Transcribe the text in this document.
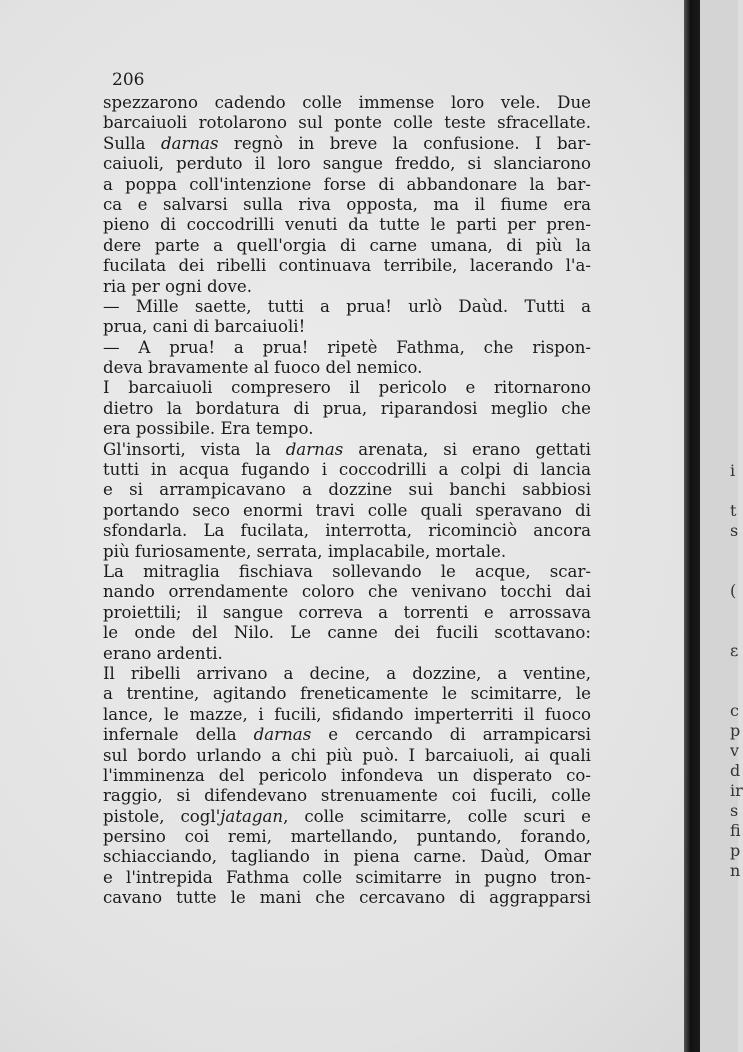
206
spezzarono cadendo colle immense loro vele. Due
barcaiuoli rotolarono sul ponte colle teste sfracellate.
Sulla darnas regnò in breve la confusione. I bar-
caiuoli, perduto il loro sangue freddo, si slanciarono
a poppa coll'intenzione forse di abbandonare la bar-
ca e salvarsi sulla riva opposta, ma il fiume era
pieno di coccodrilli venuti da tutte le parti per pren-
dere parte a quell'orgia di carne umana, di più la
fucilata dei ribelli continuava terribile, lacerando l'a-
ria per ogni dove.
— Mille saette, tutti a prua! urlò Daùd. Tutti a
prua, cani di barcaiuoli!
— A prua! a prua! ripetè Fathma, che rispon-
deva bravamente al fuoco del nemico.
I barcaiuoli compresero il pericolo e ritornarono
dietro la bordatura di prua, riparandosi meglio che
era possibile. Era tempo.
Gl'insorti, vista la darnas arenata, si erano gettati
tutti in acqua fugando i coccodrilli a colpi di lancia
e si arrampicavano a dozzine sui banchi sabbiosi
portando seco enormi travi colle quali speravano di
sfondarla. La fucilata, interrotta, ricominciò ancora
più furiosamente, serrata, implacabile, mortale.
La mitraglia fischiava sollevando le acque, scar-
nando orrendamente coloro che venivano tocchi dai
proiettili; il sangue correva a torrenti e arrossava
le onde del Nilo. Le canne dei fucili scottavano:
erano ardenti.
Il ribelli arrivano a decine, a dozzine, a ventine,
a trentine, agitando freneticamente le scimitarre, le
lance, le mazze, i fucili, sfidando imperterriti il fuoco
infernale della darnas e cercando di arrampicarsi
sul bordo urlando a chi più può. I barcaiuoli, ai quali
l'imminenza del pericolo infondeva un disperato co-
raggio, si difendevano strenuamente coi fucili, colle
pistole, cogl'jatagan, colle scimitarre, colle scuri e
persino coi remi, martellando, puntando, forando,
schiacciando, tagliando in piena carne. Daùd, Omar
e l'intrepida Fathma colle scimitarre in pugno tron-
cavano tutte le mani che cercavano di aggrapparsi
i
t
s
(
ε
c
p
v
d
ir
s
fi
p
n
